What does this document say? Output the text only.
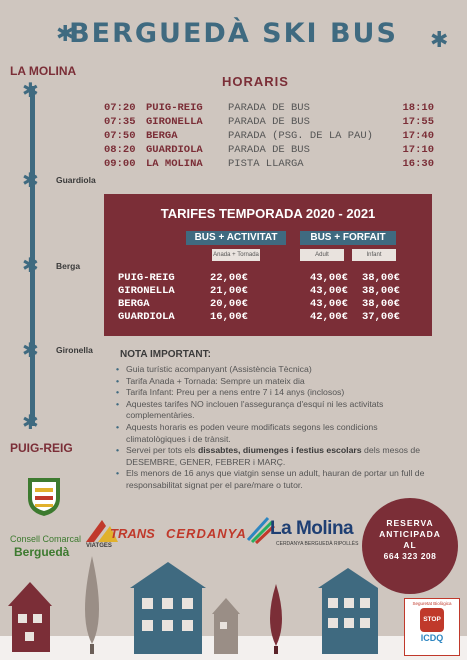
✱	✱
BERGUEDÀ SKI BUS
LA MOLINA
✱
✱
✱
✱
✱
Guardiola
Berga
Gironella
PUIG-REIG
HORARIS
07:20 PUIG-REIG	PARADA DE BUS	18:10
07:35 GIRONELLA	PARADA DE BUS	17:55
07:50 BERGA	PARADA (PSG. DE LA PAU)	17:40
08:20 GUARDIOLA	PARADA DE BUS	17:10
09:00 LA MOLINA	PISTA LLARGA	16:30
TARIFES TEMPORADA 2020 - 2021
BUS + ACTIVITAT	BUS + FORFAIT
Anada + Tornada	Adult	Infant
PUIG-REIG	22,00€	43,00€	38,00€
GIRONELLA	21,00€	43,00€	38,00€
BERGA	20,00€	43,00€	38,00€
GUARDIOLA	16,00€	42,00€	37,00€
NOTA IMPORTANT:
• Guia turístic acompanyant (Assistència Tècnica)
• Tarifa Anada + Tornada: Sempre un mateix dia
• Tarifa Infant: Preu per a nens entre 7 i 14 anys (inclosos)
• Aquestes tarifes NO inclouen l'assegurança d'esquí ni les activitats complementàries.
• Aquests horaris es poden veure modificats segons les condicions climatològiques i de trànsit.
• Servei per tots els dissabtes, diumenges i festius escolars dels mesos de DESEMBRE, GENER, FEBRER i MARÇ.
• Els menors de 16 anys que viatgin sense un adult, hauran de portar un full de responsabilitat signat per el pare/mare o tutor.
Consell Comarcal
Berguedà
TRANS
VIATGES
CERDANYA La Molina
CERDANYA BERGUEDÀ RIPOLLÈS
RESERVA
ANTICIPADA
AL
664 323 208
Seguretat Biològica
STOP
ICDQ
